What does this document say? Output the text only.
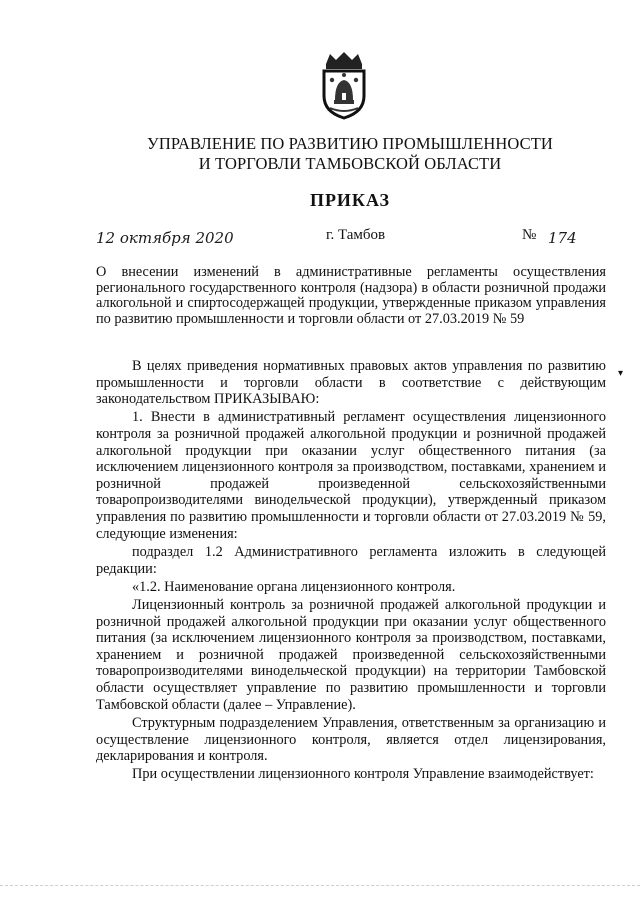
УПРАВЛЕНИЕ ПО РАЗВИТИЮ ПРОМЫШЛЕННОСТИ
И ТОРГОВЛИ ТАМБОВСКОЙ ОБЛАСТИ
ПРИКАЗ
12 октября 2020	г. Тамбов	№ 174
О внесении изменений в административные регламенты осуществления регионального государственного контроля (надзора) в области розничной продажи алкогольной и спиртосодержащей продукции, утвержденные приказом управления по развитию промышленности и торговли области от 27.03.2019 № 59

В целях приведения нормативных правовых актов управления по развитию промышленности и торговли области в соответствие с действующим законодательством ПРИКАЗЫВАЮ:

1. Внести в административный регламент осуществления лицензионного контроля за розничной продажей алкогольной продукции и розничной продажей алкогольной продукции при оказании услуг общественного питания (за исключением лицензионного контроля за производством, поставками, хранением и розничной продажей произведенной сельскохозяйственными товаропроизводителями винодельческой продукции), утвержденный приказом управления по развитию промышленности и торговли области от 27.03.2019 № 59, следующие изменения:

подраздел 1.2 Административного регламента изложить в следующей редакции:

«1.2. Наименование органа лицензионного контроля.

Лицензионный контроль за розничной продажей алкогольной продукции и розничной продажей алкогольной продукции при оказании услуг общественного питания (за исключением лицензионного контроля за производством, поставками, хранением и розничной продажей произведенной сельскохозяйственными товаропроизводителями винодельческой продукции) на территории Тамбовской области осуществляет управление по развитию промышленности и торговли Тамбовской области (далее – Управление).

Структурным подразделением Управления, ответственным за организацию и осуществление лицензионного контроля, является отдел лицензирования, декларирования и контроля.

При осуществлении лицензионного контроля Управление взаимодействует:

▾
